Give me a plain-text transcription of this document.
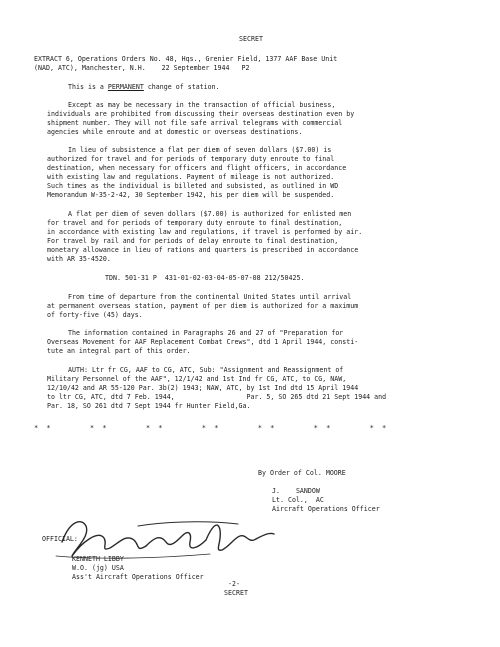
SECRET
EXTRACT 6, Operations Orders No. 48, Hqs., Grenier Field, 1377 AAF Base Unit
(NAD, ATC), Manchester, N.H.    22 September 1944   P2
This is a PERMANENT change of station.
Except as may be necessary in the transaction of official business,
individuals are prohibited from discussing their overseas destination even by
shipment number. They will not file safe arrival telegrams with commercial
agencies while enroute and at domestic or overseas destinations.
In lieu of subsistence a flat per diem of seven dollars ($7.00) is
authorized for travel and for periods of temporary duty enroute to final
destination, when necessary for officers and flight officers, in accordance
with existing law and regulations. Payment of mileage is not authorized.
Such times as the individual is billeted and subsisted, as outlined in WD
Memorandum W-35-2-42, 30 September 1942, his per diem will be suspended.
A flat per diem of seven dollars ($7.00) is authorized for enlisted men
for travel and for periods of temporary duty enroute to final destination,
in accordance with existing law and regulations, if travel is performed by air.
For travel by rail and for periods of delay enroute to final destination,
monetary allowance in lieu of rations and quarters is prescribed in accordance
with AR 35-4520.
TDN. 501-31 P  431-01-02-03-04-05-07-08 212/50425.
From time of departure from the continental United States until arrival
at permanent overseas station, payment of per diem is authorized for a maximum
of forty-five (45) days.
The information contained in Paragraphs 26 and 27 of "Preparation for
Overseas Movement for AAF Replacement Combat Crews", dtd 1 April 1944, consti-
tute an integral part of this order.
AUTH: Ltr fr CG, AAF to CG, ATC, Sub: "Assignment and Reassignment of
Military Personnel of the AAF", 12/1/42 and 1st Ind fr CG, ATC, to CG, NAW,
12/10/42 and AR 55-120 Par. 3b(2) 1943; NAW, ATC, by 1st Ind dtd 15 April 1944
to ltr CG, ATC, dtd 7 Feb. 1944,                  Par. 5, SO 265 dtd 21 Sept 1944 and
Par. 18, SO 261 dtd 7 Sept 1944 fr Hunter Field,Ga.
* *      * *      * *      * *      * *      * *      * *
By Order of Col. MOORE
J.    SANDOW
Lt. Col.,  AC
Aircraft Operations Officer
OFFICIAL:
KENNETH LIBBY
W.O. (jg) USA
Ass't Aircraft Operations Officer
-2-
SECRET
